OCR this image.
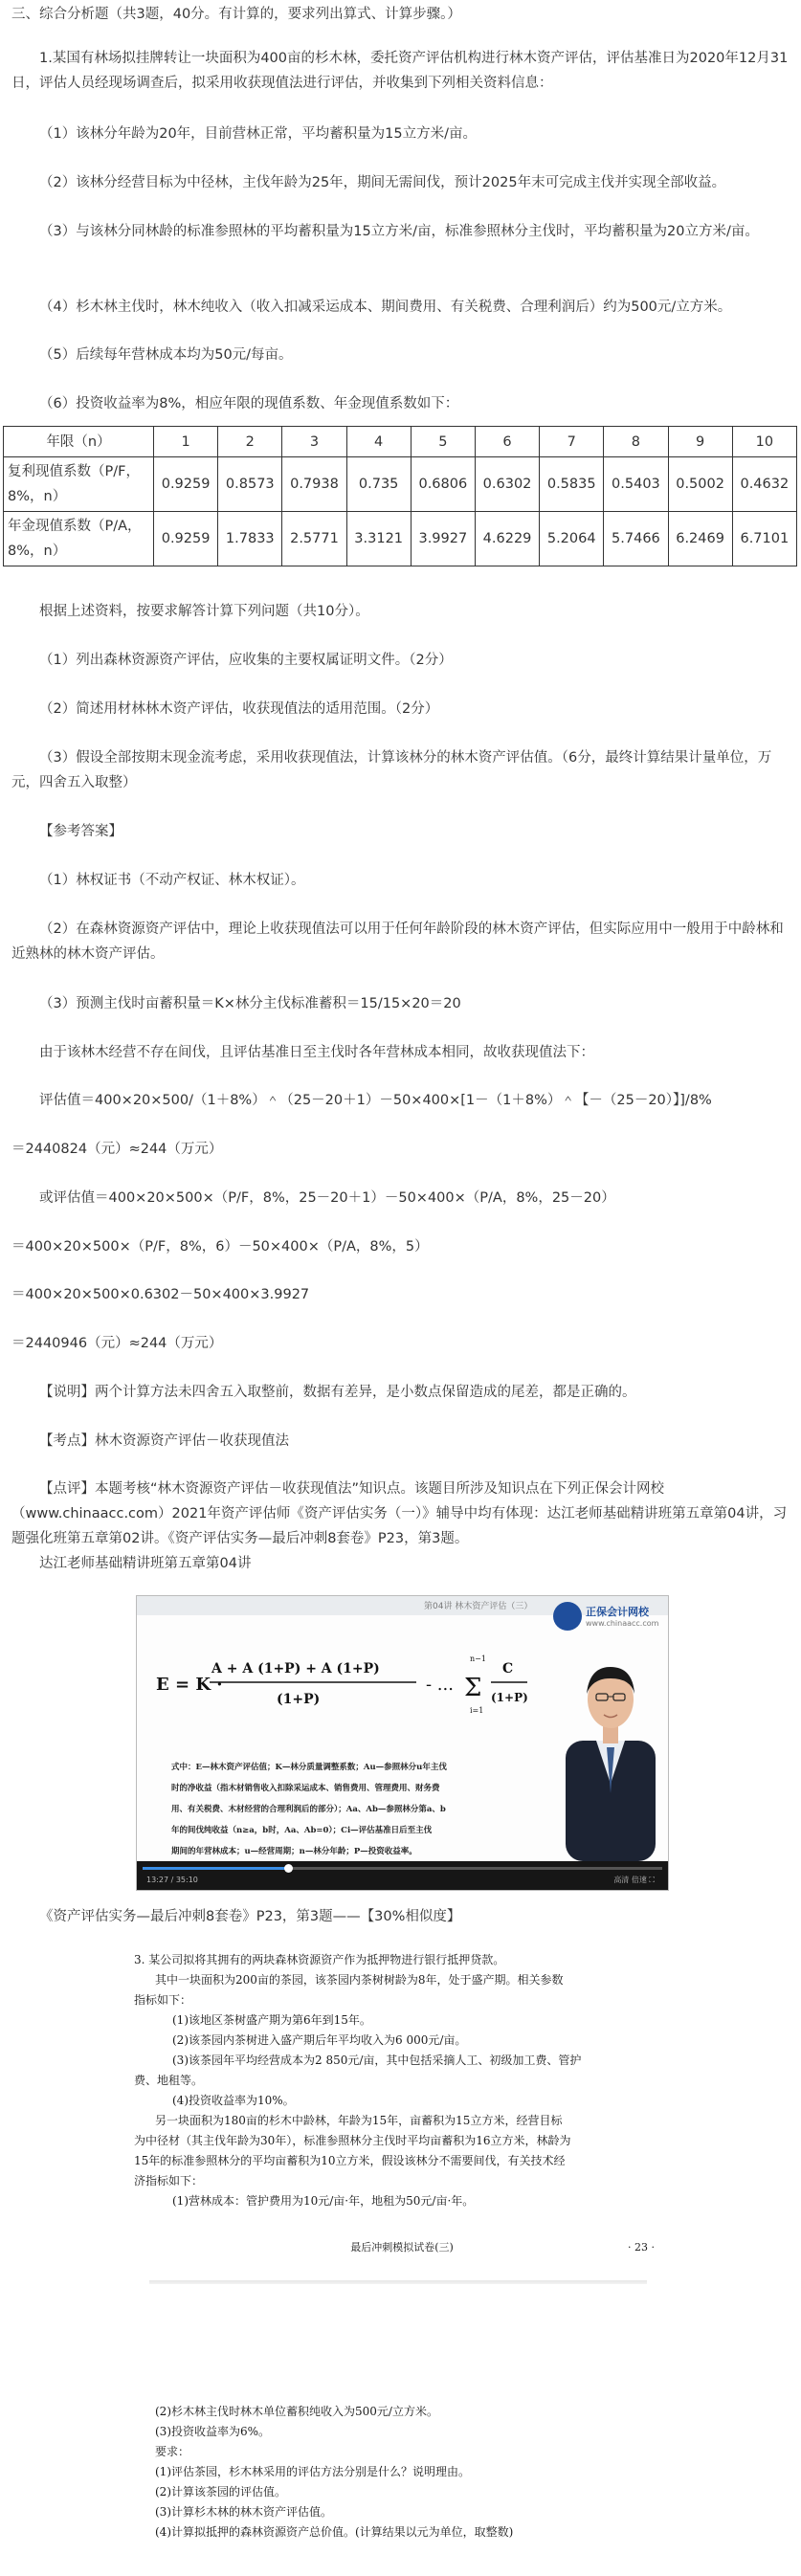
三、综合分析题（共3题，40分。有计算的，要求列出算式、计算步骤。）
1.某国有林场拟挂牌转让一块面积为400亩的杉木林，委托资产评估机构进行林木资产评估，评估基准日为2020年12月31日，评估人员经现场调查后，拟采用收获现值法进行评估，并收集到下列相关资料信息：
（1）该林分年龄为20年，目前营林正常，平均蓄积量为15立方米/亩。
（2）该林分经营目标为中径林，主伐年龄为25年，期间无需间伐，预计2025年末可完成主伐并实现全部收益。
（3）与该林分同林龄的标准参照林的平均蓄积量为15立方米/亩，标准参照林分主伐时，平均蓄积量为20立方米/亩。
（4）杉木林主伐时，林木纯收入（收入扣减采运成本、期间费用、有关税费、合理利润后）约为500元/立方米。
（5）后续每年营林成本均为50元/每亩。
（6）投资收益率为8%，相应年限的现值系数、年金现值系数如下：
年限（n）	1	2	3	4	5	6	7	8	9	10
复利现值系数（P/F，8%，n）	0.9259	0.8573	0.7938	0.735	0.6806	0.6302	0.5835	0.5403	0.5002	0.4632
年金现值系数（P/A，8%，n）	0.9259	1.7833	2.5771	3.3121	3.9927	4.6229	5.2064	5.7466	6.2469	6.7101
根据上述资料，按要求解答计算下列问题（共10分）。
（1）列出森林资源资产评估，应收集的主要权属证明文件。（2分）
（2）简述用材林林木资产评估，收获现值法的适用范围。（2分）
（3）假设全部按期末现金流考虑，采用收获现值法，计算该林分的林木资产评估值。（6分，最终计算结果计量单位，万元，四舍五入取整）
【参考答案】
（1）林权证书（不动产权证、林木权证）。
（2）在森林资源资产评估中，理论上收获现值法可以用于任何年龄阶段的林木资产评估，但实际应用中一般用于中龄林和近熟林的林木资产评估。
（3）预测主伐时亩蓄积量＝K×林分主伐标准蓄积＝15/15×20＝20
由于该林木经营不存在间伐，且评估基准日至主伐时各年营林成本相同，故收获现值法下：
评估值＝400×20×500/（1＋8%）＾（25－20＋1）－50×400×[1－（1＋8%）＾【－（25－20）】]/8%
＝2440824（元）≈244（万元）
或评估值＝400×20×500×（P/F，8%，25－20＋1）－50×400×（P/A，8%，25－20）
＝400×20×500×（P/F，8%，6）－50×400×（P/A，8%，5）
＝400×20×500×0.6302－50×400×3.9927
＝2440946（元）≈244（万元）
【说明】两个计算方法未四舍五入取整前，数据有差异，是小数点保留造成的尾差，都是正确的。
【考点】林木资源资产评估－收获现值法
【点评】本题考核“林木资源资产评估－收获现值法”知识点。该题目所涉及知识点在下列正保会计网校（www.chinaacc.com）2021年资产评估师《资产评估实务（一）》辅导中均有体现：达江老师基础精讲班第五章第04讲，习题强化班第五章第02讲。《资产评估实务—最后冲刺8套卷》P23，第3题。
达江老师基础精讲班第五章第04讲
第04讲 林木资产评估（三）	正保会计网校
www.chinaacc.com
E = K ·
A + A (1+P) + A (1+P)
(1+P)
- ... Σ
n−1
i=1
C
(1+P)
式中：E—林木资产评估值；K—林分质量调整系数；Au—参照林分u年主伐
时的净收益（指木材销售收入扣除采运成本、销售费用、管理费用、财务费
用、有关税费、木材经营的合理利润后的部分）；Aa、Ab—参照林分第a、b
年的间伐纯收益（n≥a，b时，Aa、Ab=0）；Ci—评估基准日后至主伐
期间的年营林成本；u—经营周期；n—林分年龄；P—投资收益率。
13:27 / 35:10	高清 倍速 ⛶
《资产评估实务—最后冲刺8套卷》P23，第3题——【30%相似度】
3. 某公司拟将其拥有的两块森林资源资产作为抵押物进行银行抵押贷款。
其中一块面积为200亩的茶园，该茶园内茶树树龄为8年，处于盛产期。相关参数
指标如下：
(1)该地区茶树盛产期为第6年到15年。
(2)该茶园内茶树进入盛产期后年平均收入为6 000元/亩。
(3)该茶园年平均经营成本为2 850元/亩，其中包括采摘人工、初级加工费、管护
费、地租等。
(4)投资收益率为10%。
另一块面积为180亩的杉木中龄林，年龄为15年，亩蓄积为15立方米，经营目标
为中径材（其主伐年龄为30年），标准参照林分主伐时平均亩蓄积为16立方米，林龄为
15年的标准参照林分的平均亩蓄积为10立方米，假设该林分不需要间伐，有关技术经
济指标如下：
(1)营林成本：管护费用为10元/亩·年，地租为50元/亩·年。
最后冲刺模拟试卷(三)	· 23 ·
(2)杉木林主伐时林木单位蓄积纯收入为500元/立方米。
(3)投资收益率为6%。
要求：
(1)评估茶园，杉木林采用的评估方法分别是什么？说明理由。
(2)计算该茶园的评估值。
(3)计算杉木林的林木资产评估值。
(4)计算拟抵押的森林资源资产总价值。(计算结果以元为单位，取整数)
